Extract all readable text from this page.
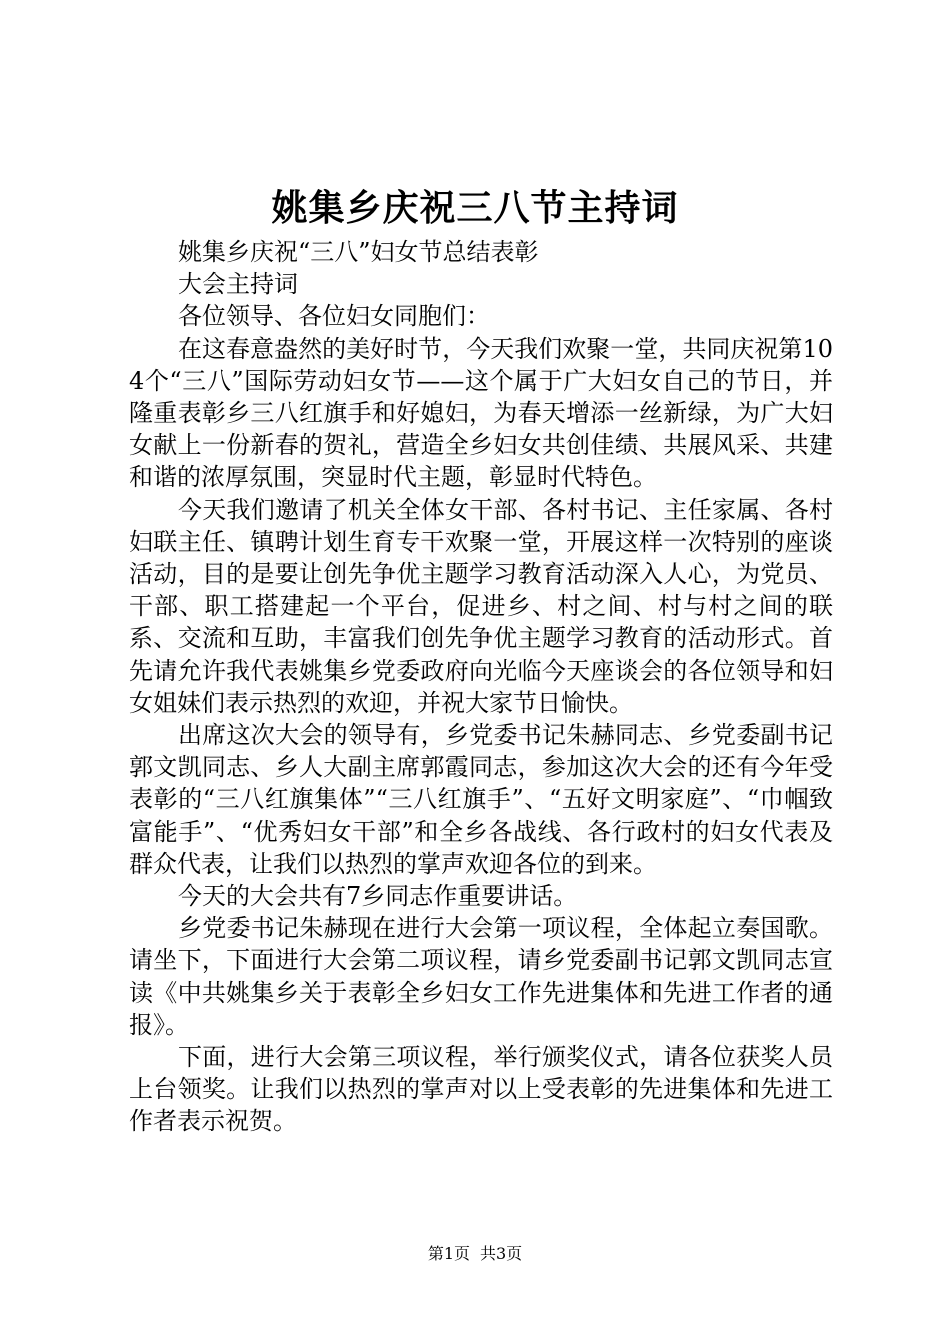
姚集乡庆祝三八节主持词

姚集乡庆祝“三八”妇女节总结表彰

大会主持词

各位领导、各位妇女同胞们：

在这春意盎然的美好时节，今天我们欢聚一堂，共同庆祝第104个“三八”国际劳动妇女节——这个属于广大妇女自己的节日，并隆重表彰乡三八红旗手和好媳妇，为春天增添一丝新绿，为广大妇女献上一份新春的贺礼，营造全乡妇女共创佳绩、共展风采、共建和谐的浓厚氛围，突显时代主题，彰显时代特色。

今天我们邀请了机关全体女干部、各村书记、主任家属、各村妇联主任、镇聘计划生育专干欢聚一堂，开展这样一次特别的座谈活动，目的是要让创先争优主题学习教育活动深入人心，为党员、干部、职工搭建起一个平台，促进乡、村之间、村与村之间的联系、交流和互助，丰富我们创先争优主题学习教育的活动形式。首先请允许我代表姚集乡党委政府向光临今天座谈会的各位领导和妇女姐妹们表示热烈的欢迎，并祝大家节日愉快。

出席这次大会的领导有，乡党委书记朱赫同志、乡党委副书记郭文凯同志、乡人大副主席郭霞同志，参加这次大会的还有今年受表彰的“三八红旗集体”“三八红旗手”、“五好文明家庭”、“巾帼致富能手”、“优秀妇女干部”和全乡各战线、各行政村的妇女代表及群众代表，让我们以热烈的掌声欢迎各位的到来。

今天的大会共有7乡同志作重要讲话。

乡党委书记朱赫现在进行大会第一项议程，全体起立奏国歌。请坐下，下面进行大会第二项议程，请乡党委副书记郭文凯同志宣读《中共姚集乡关于表彰全乡妇女工作先进集体和先进工作者的通报》。

下面，进行大会第三项议程，举行颁奖仪式，请各位获奖人员上台领奖。让我们以热烈的掌声对以上受表彰的先进集体和先进工作者表示祝贺。

第1页 共3页
